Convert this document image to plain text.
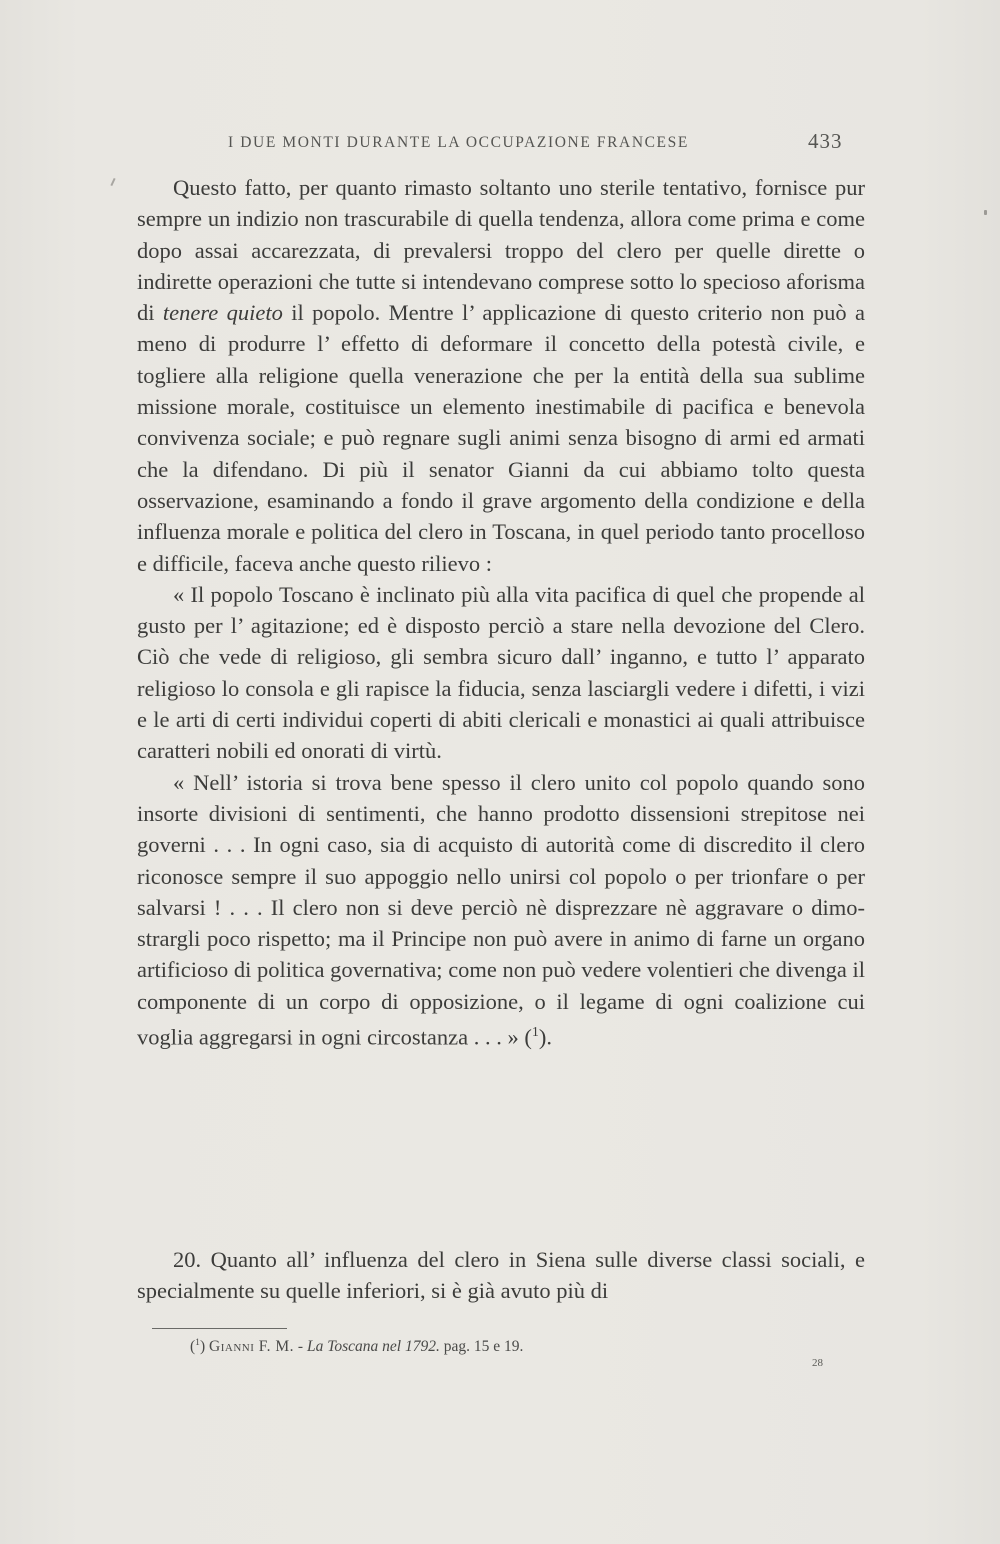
I DUE MONTI DURANTE LA OCCUPAZIONE FRANCESE	433

Questo fatto, per quanto rimasto soltanto uno sterile tentativo, fornisce pur sempre un indizio non trascurabile di quella tendenza, allora come prima e come dopo assai accarezzata, di prevalersi troppo del clero per quelle dirette o indirette operazioni che tutte si intendevano comprese sotto lo specioso aforisma di tenere quieto il popolo. Mentre l’ applicazione di questo criterio non può a meno di produrre l’ effetto di deformare il concetto della potestà civile, e togliere alla religione quella venerazione che per la entità della sua sublime missione morale, costituisce un elemento inestimabile di pacifica e benevola convivenza sociale; e può regnare sugli animi senza bisogno di armi ed armati che la difendano. Di più il senator Gianni da cui abbiamo tolto questa osservazione, esaminando a fondo il grave argomento della condizione e della influenza morale e politica del clero in Toscana, in quel periodo tanto procelloso e difficile, faceva anche questo rilievo :

« Il popolo Toscano è inclinato più alla vita pacifica di quel che propende al gusto per l’ agitazione; ed è disposto perciò a stare nella devozione del Clero. Ciò che vede di religioso, gli sembra sicuro dall’ inganno, e tutto l’ apparato religioso lo consola e gli rapisce la fiducia, senza lasciargli vedere i difetti, i vizi e le arti di certi individui coperti di abiti clericali e monastici ai quali attribuisce caratteri nobili ed onorati di virtù.

« Nell’ istoria si trova bene spesso il clero unito col popolo quando sono insorte divisioni di sentimenti, che hanno prodotto dissensioni strepitose nei governi . . . In ogni caso, sia di acquisto di autorità come di discredito il clero riconosce sempre il suo appoggio nello unirsi col popolo o per trionfare o per salvarsi ! . . . Il clero non si deve perciò nè disprezzare nè aggravare o dimostrargli poco rispetto; ma il Principe non può avere in animo di farne un organo artificioso di politica governativa; come non può vedere volentieri che divenga il componente di un corpo di opposizione, o il legame di ogni coalizione cui voglia aggregarsi in ogni circostanza . . . » ($^1$).

20. Quanto all’ influenza del clero in Siena sulle diverse classi sociali, e specialmente su quelle inferiori, si è già avuto più di

($^1$) Gianni F. M. - La Toscana nel 1792. pag. 15 e 19.
28
